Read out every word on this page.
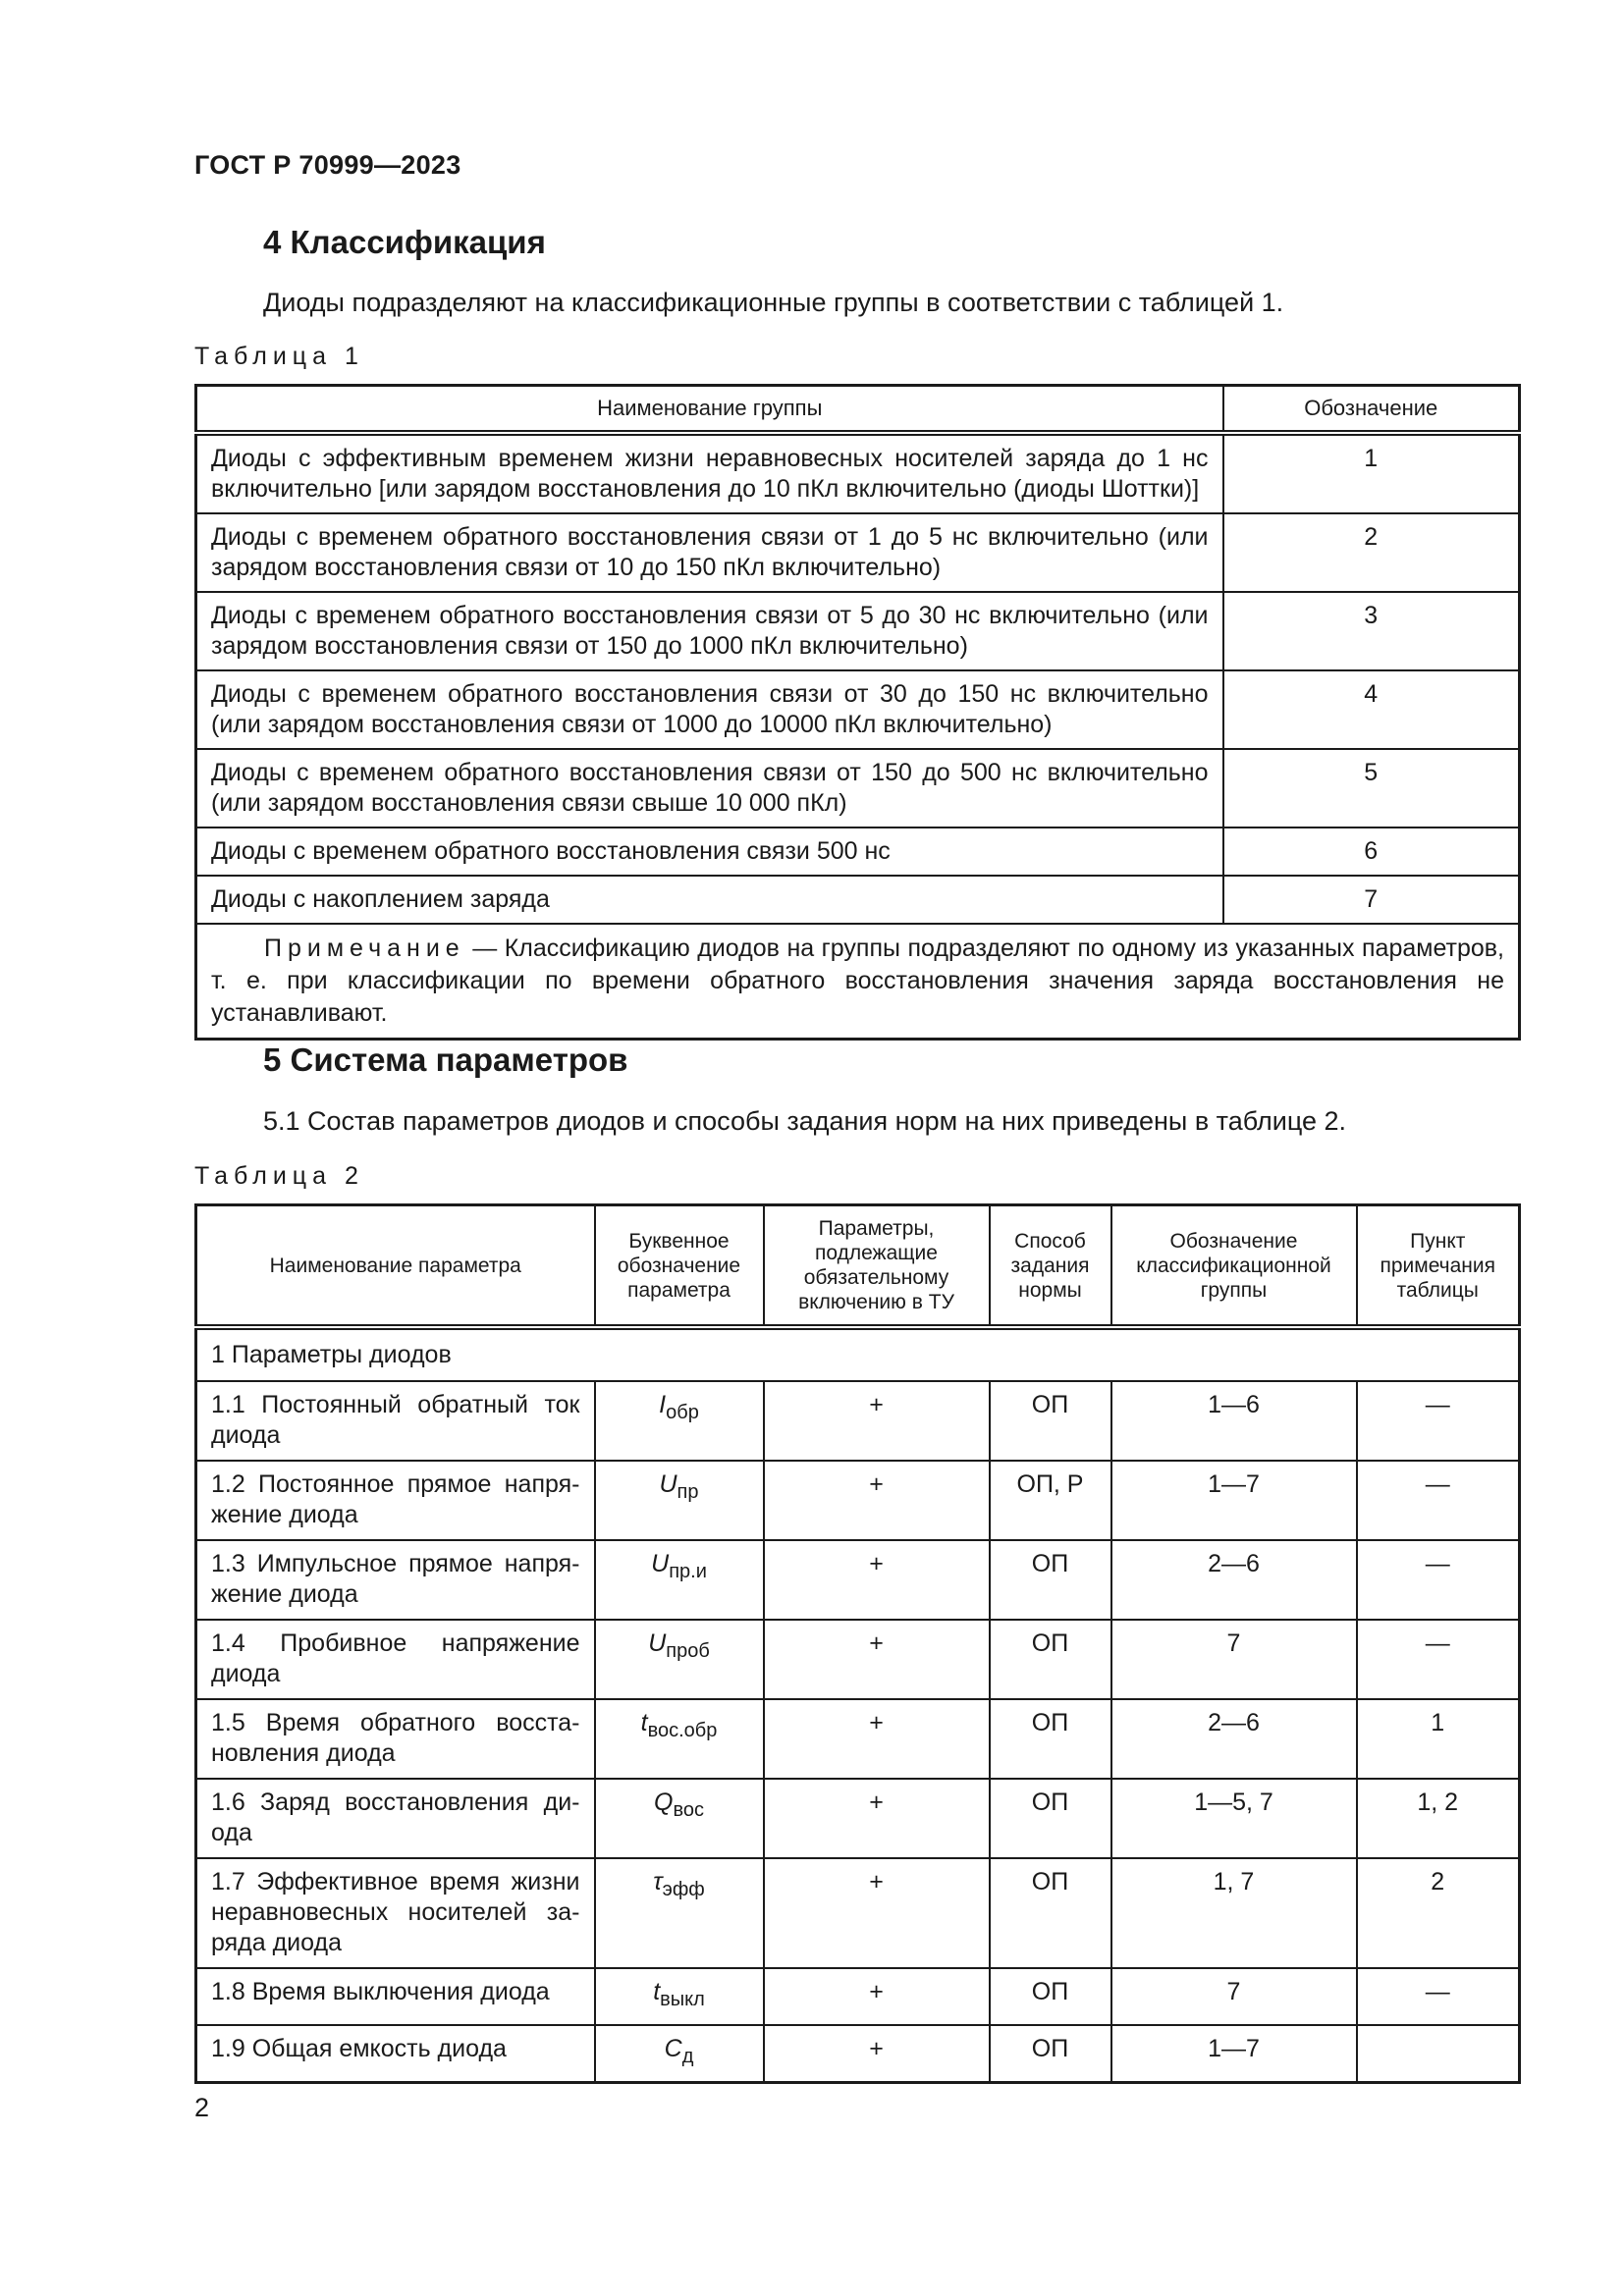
ГОСТ Р 70999—2023
4 Классификация
Диоды подразделяют на классификационные группы в соответствии с таблицей 1.
Таблица 1
Наименование группы	Обозначение
Диоды с эффективным временем жизни неравновесных носителей заряда до 1 нс включительно [или зарядом восстановления до 10 пКл включительно (диоды Шоттки)]	1
Диоды с временем обратного восстановления связи от 1 до 5 нс включительно (или зарядом восстановления связи от 10 до 150 пКл включительно)	2
Диоды с временем обратного восстановления связи от 5 до 30 нс включительно (или зарядом восстановления связи от 150 до 1000 пКл включительно)	3
Диоды с временем обратного восстановления связи от 30 до 150 нс включительно (или зарядом восстановления связи от 1000 до 10000 пКл включительно)	4
Диоды с временем обратного восстановления связи от 150 до 500 нс включительно (или зарядом восстановления связи свыше 10 000 пКл)	5
Диоды с временем обратного восстановления связи 500 нс	6
Диоды с накоплением заряда	7
Примечание — Классификацию диодов на группы подразделяют по одному из указанных параметров, т. е. при классификации по времени обратного восстановления значения заряда восстановления не устанавливают.	
5 Система параметров
5.1 Состав параметров диодов и способы задания норм на них приведены в таблице 2.
Таблица 2
Наименование параметра	Буквенное обозначение параметра	Параметры, подлежащие обязательному включению в ТУ	Способ задания нормы	Обозначение классификационной группы	Пункт примечания таблицы
1 Параметры диодов					
1.1 Постоянный обратный ток диода	$I_{обр}$	+	ОП	1—6	—
1.2 Постоянное прямое напряжение диода	$U_{пр}$	+	ОП, Р	1—7	—
1.3 Импульсное прямое напряжение диода	$U_{пр.и}$	+	ОП	2—6	—
1.4 Пробивное напряжение диода	$U_{проб}$	+	ОП	7	—
1.5 Время обратного восстановления диода	$t_{вос.обр}$	+	ОП	2—6	1
1.6 Заряд восстановления диода	$Q_{вос}$	+	ОП	1—5, 7	1, 2
1.7 Эффективное время жизни неравновесных носителей заряда диода	$\tau_{эфф}$	+	ОП	1, 7	2
1.8 Время выключения диода	$t_{выкл}$	+	ОП	7	—
1.9 Общая емкость диода	$C_д$	+	ОП	1—7	
2
